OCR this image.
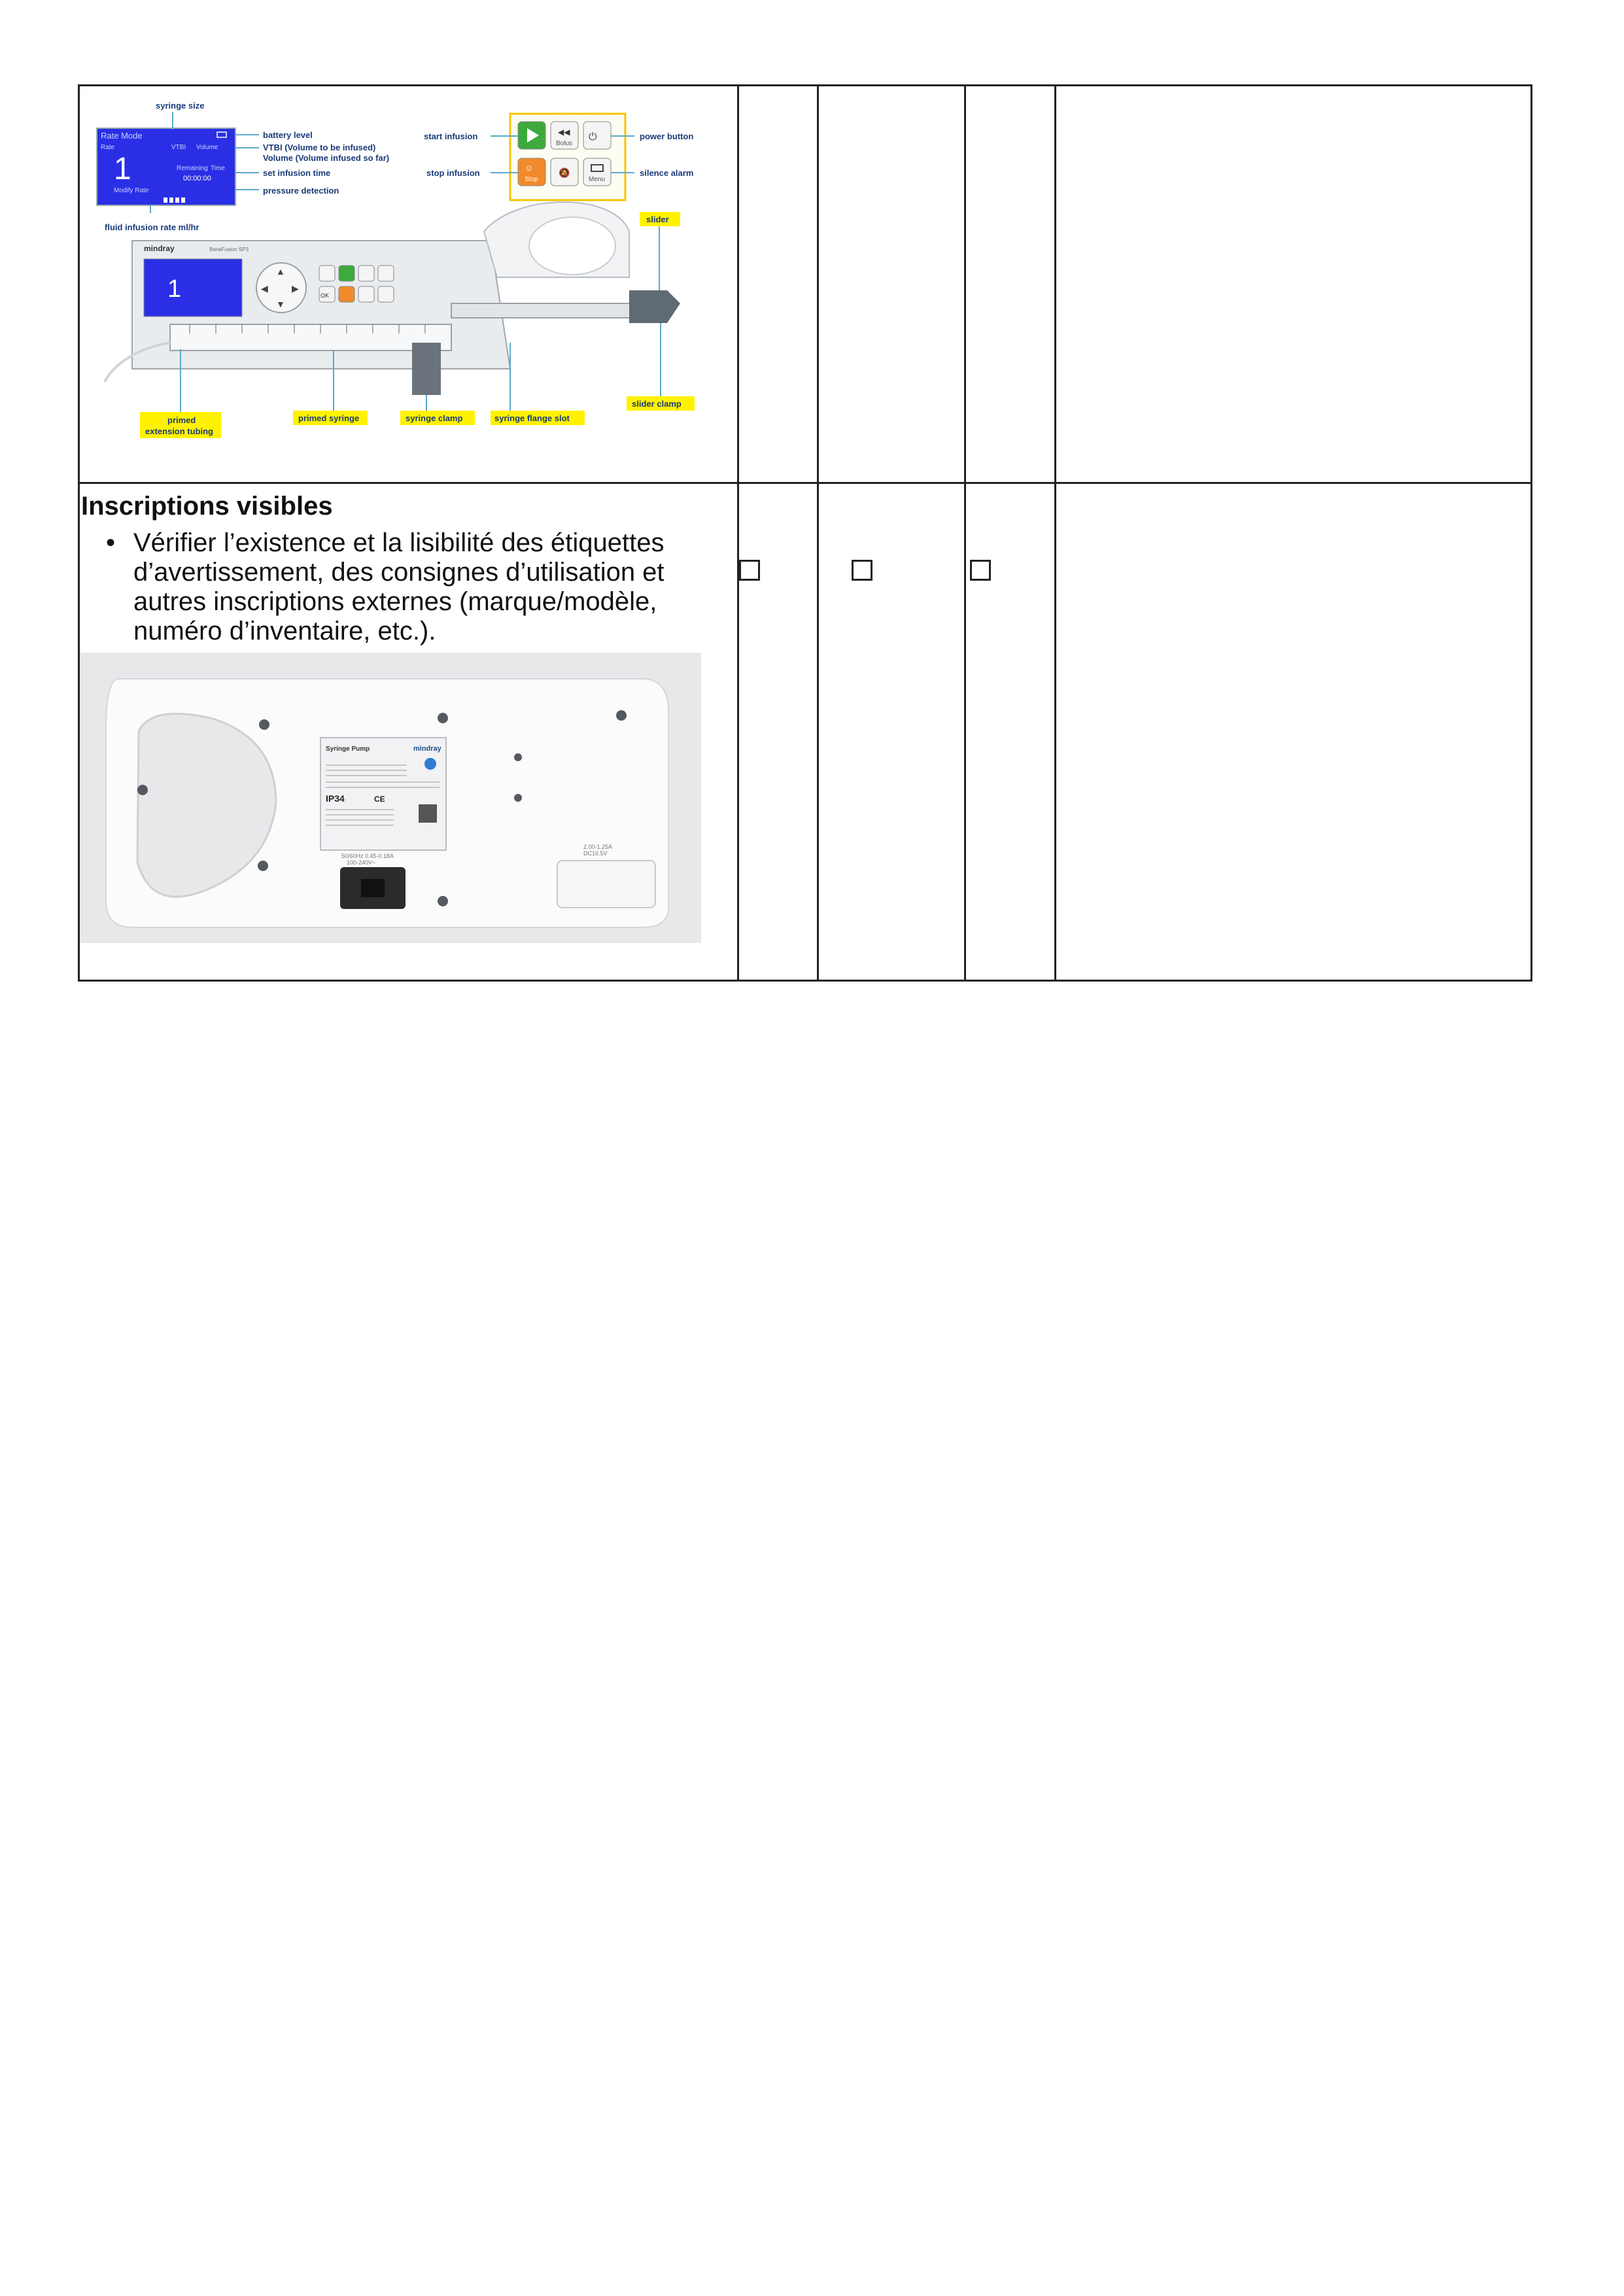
Rate Mode
Rate	VTBI Volume
1	Remaining Time
00:00:00
Modify Rate
syringe size
battery level
VTBI (Volume to be infused)
Volume (Volume infused so far)
set infusion time
pressure detection
fluid infusion rate ml/hr
◀◀
Bolus
⏻
☺
Stop
🔕
Menu
start infusion
stop infusion
power button
silence alarm
mindray	BeneFusion SP3
1
▲
▼
◀	▶
OK
slider
slider clamp
primed
extension tubing
primed syringe	syringe clamp	syringe flange slot
Inscriptions visibles
• Vérifier l’existence et la lisibilité des étiquettes
d’avertissement, des consignes d’utilisation et
autres inscriptions externes (marque/modèle,
numéro d’inventaire, etc.).
Syringe Pump	mindray
IP34	CE
100-240V~
50/60Hz 0.45-0.18A	DC16.5V
2.00-1.25A
